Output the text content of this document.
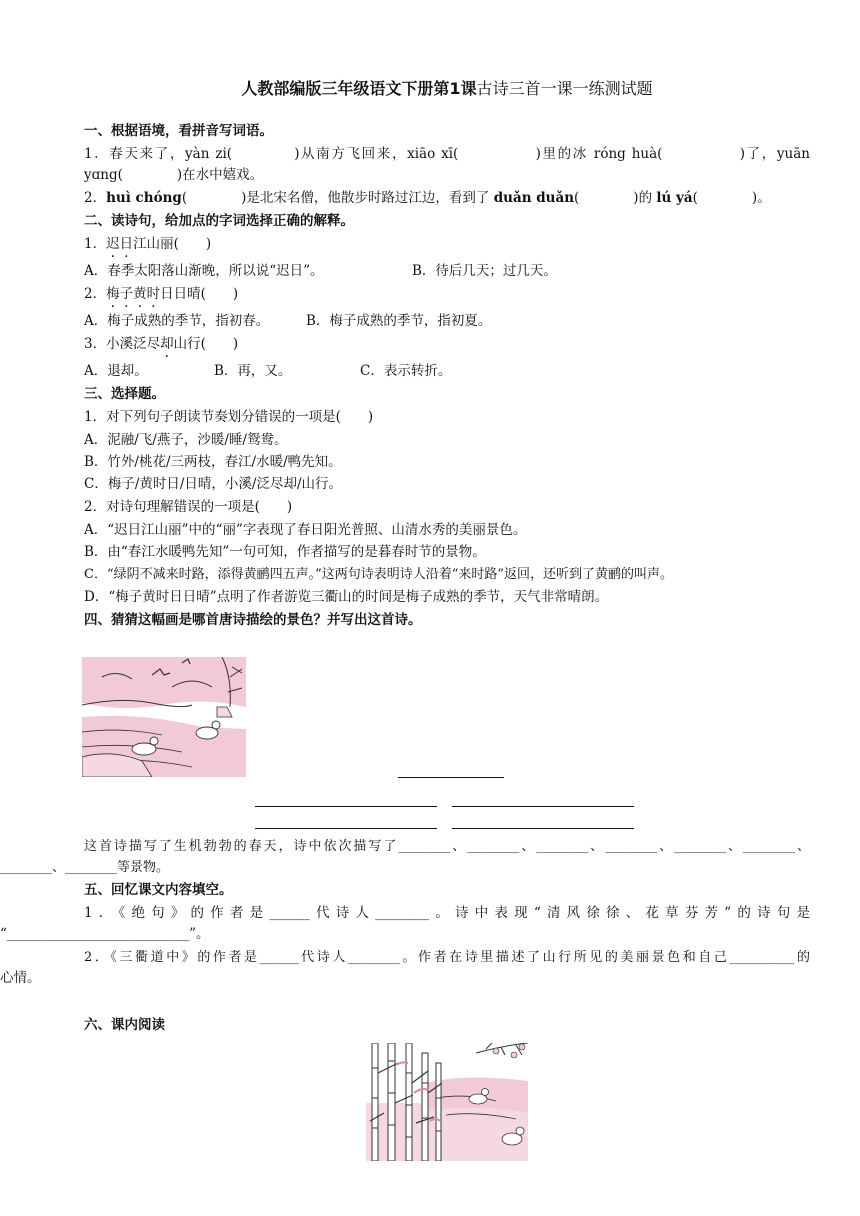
人教部编版三年级语文下册第1课古诗三首一课一练测试题
一、根据语境，看拼音写词语。
1．春天来了，yàn zi(　　　　)从南方飞回来，xiāo xī(　　　　　)里的冰 róng huà(　　　　　)了，yuān
yɑng(　　　　)在水中嬉戏。
2．huì chóng(　　　　)是北宋名僧，他散步时路过江边，看到了 duǎn duǎn(　　　　)的 lú yá(　　　　)。
二、读诗句，给加点的字词选择正确的解释。
1．迟日江山丽(　　)
A．春季太阳落山渐晚，所以说“迟日”。	B．待后几天；过几天。
2．梅子黄时日日晴(　　)
A．梅子成熟的季节，指初春。	B．梅子成熟的季节，指初夏。
3．小溪泛尽却山行(　　)
A．退却。	B．再，又。	C．表示转折。
三、选择题。
1．对下列句子朗读节奏划分错误的一项是(　　)
A．泥融/飞/燕子，沙暖/睡/鸳鸯。
B．竹外/桃花/三两枝，春江/水暖/鸭先知。
C．梅子/黄时日/日晴，小溪/泛尽却/山行。
2．对诗句理解错误的一项是(　　)
A．“迟日江山丽”中的“丽”字表现了春日阳光普照、山清水秀的美丽景色。
B．由“春江水暖鸭先知”一句可知，作者描写的是暮春时节的景物。
C．“绿阴不减来时路，添得黄鹂四五声。”这两句诗表明诗人沿着“来时路”返回，还听到了黄鹂的叫声。
D．“梅子黄时日日晴”点明了作者游览三衢山的时间是梅子成熟的季节，天气非常晴朗。
四、猜猜这幅画是哪首唐诗描绘的景色？并写出这首诗。
这首诗描写了生机勃勃的春天，诗中依次描写了________、________、________、________、________、________、
________、________等景物。
五、回忆课文内容填空。
1．《绝句》的作者是______代诗人________。诗中表现“清风徐徐、花草芬芳”的诗句是
“___________________________”。
2．《三衢道中》的作者是______代诗人________。作者在诗里描述了山行所见的美丽景色和自己__________的
心情。
六、课内阅读
